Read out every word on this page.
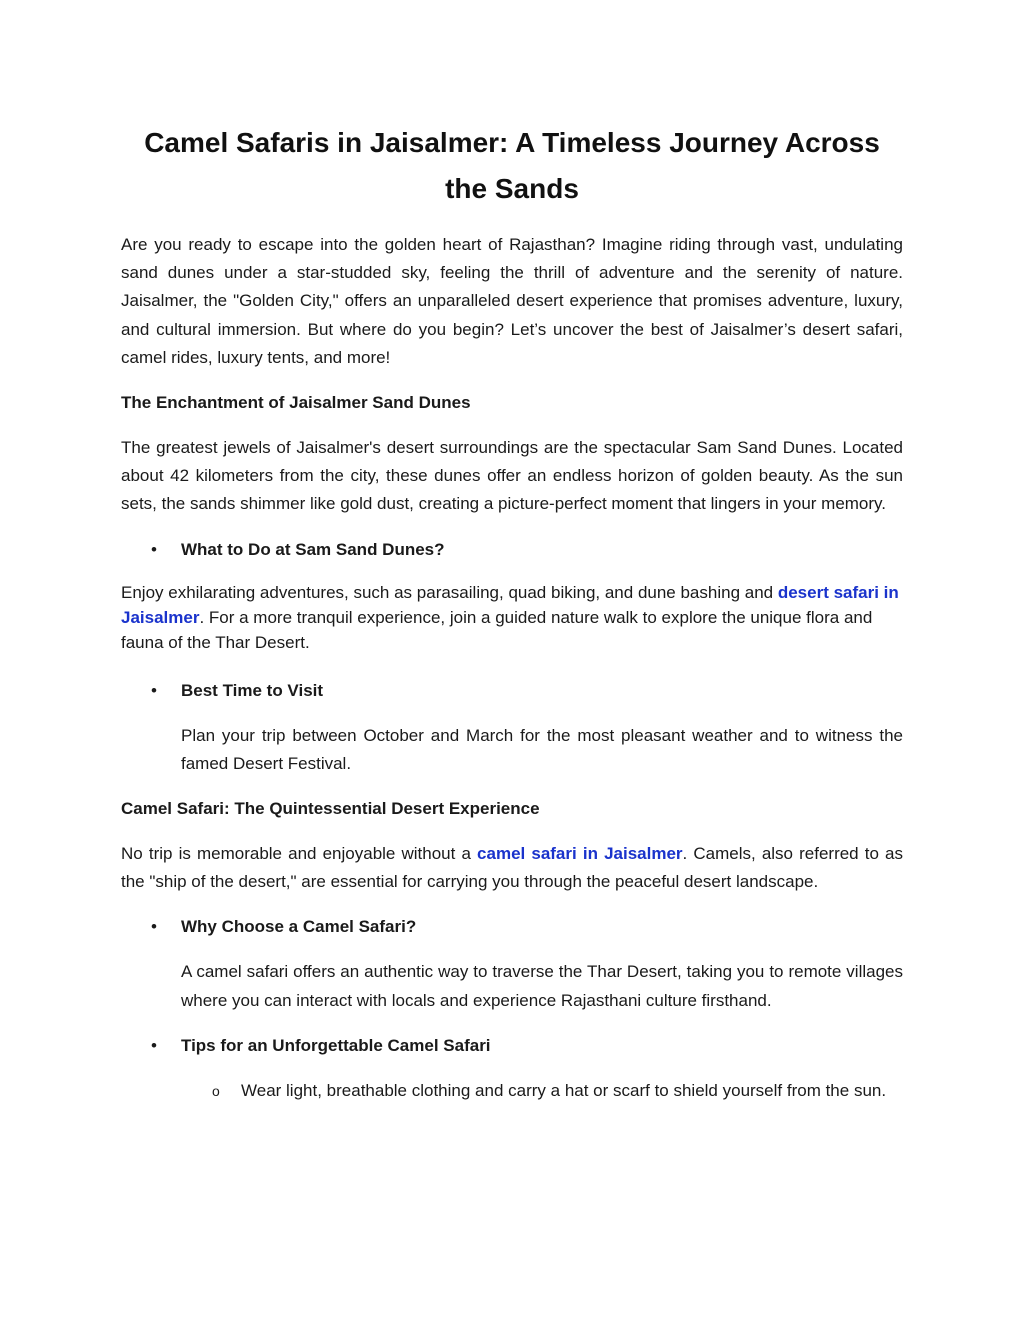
Camel Safaris in Jaisalmer: A Timeless Journey Across
the Sands

Are you ready to escape into the golden heart of Rajasthan? Imagine riding through vast, undulating sand dunes under a star-studded sky, feeling the thrill of adventure and the serenity of nature. Jaisalmer, the "Golden City," offers an unparalleled desert experience that promises adventure, luxury, and cultural immersion. But where do you begin? Let’s uncover the best of Jaisalmer’s desert safari, camel rides, luxury tents, and more!

The Enchantment of Jaisalmer Sand Dunes

The greatest jewels of Jaisalmer's desert surroundings are the spectacular Sam Sand Dunes. Located about 42 kilometers from the city, these dunes offer an endless horizon of golden beauty. As the sun sets, the sands shimmer like gold dust, creating a picture-perfect moment that lingers in your memory.

• What to Do at Sam Sand Dunes?

Enjoy exhilarating adventures, such as parasailing, quad biking, and dune bashing and desert safari in Jaisalmer. For a more tranquil experience, join a guided nature walk to explore the unique flora and fauna of the Thar Desert.

• Best Time to Visit

Plan your trip between October and March for the most pleasant weather and to witness the famed Desert Festival.

Camel Safari: The Quintessential Desert Experience

No trip is memorable and enjoyable without a camel safari in Jaisalmer. Camels, also referred to as the "ship of the desert," are essential for carrying you through the peaceful desert landscape.

• Why Choose a Camel Safari?

A camel safari offers an authentic way to traverse the Thar Desert, taking you to remote villages where you can interact with locals and experience Rajasthani culture firsthand.

• Tips for an Unforgettable Camel Safari

o Wear light, breathable clothing and carry a hat or scarf to shield yourself from the sun.
